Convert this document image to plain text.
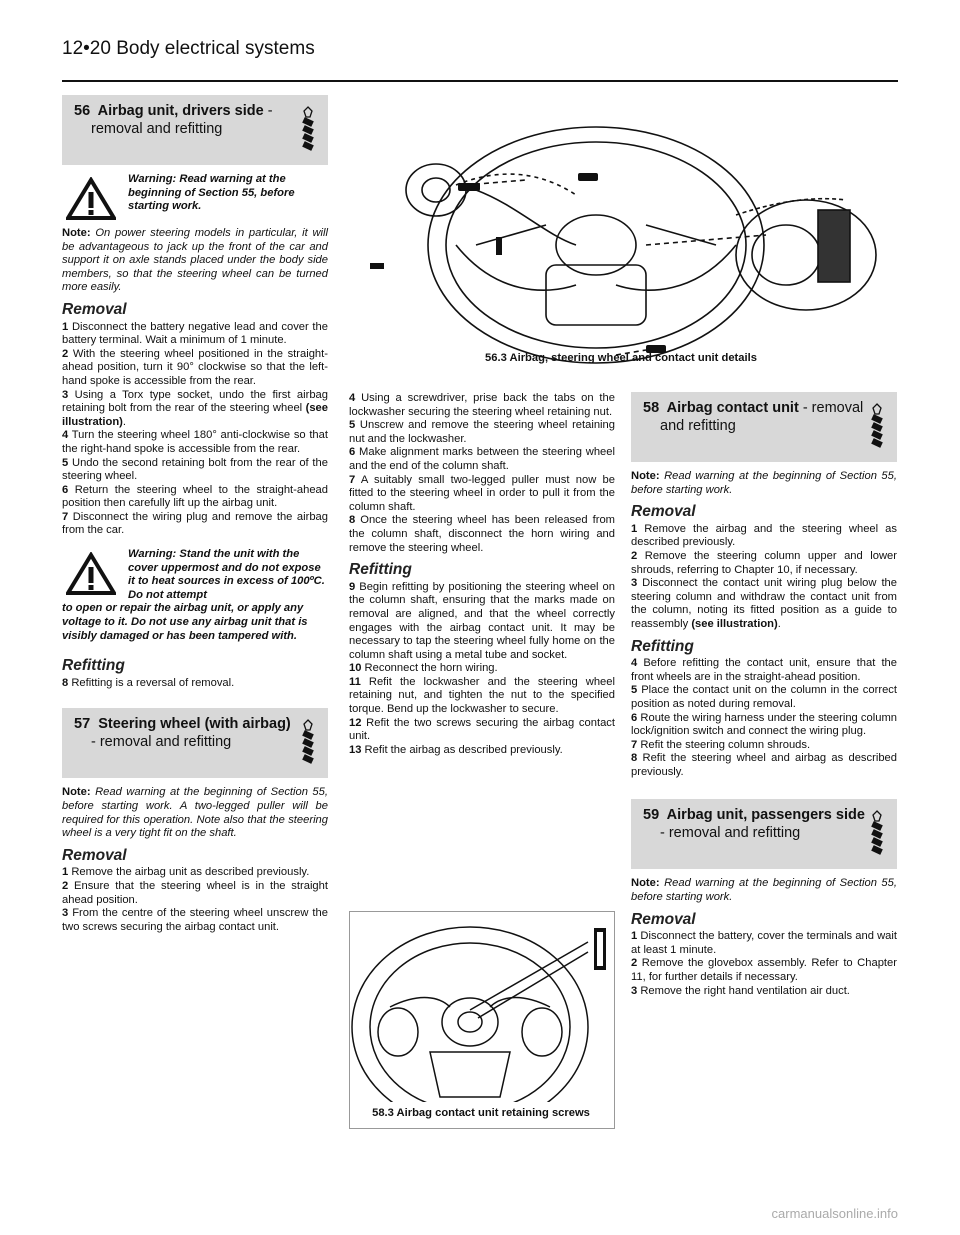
12•20 Body electrical systems
56 Airbag unit, drivers side -
removal and refitting
Warning: Read warning at the beginning of Section 55, before starting work.

Note: On power steering models in particular, it will be advantageous to jack up the front of the car and support it on axle stands placed under the body side members, so that the steering wheel can be turned more easily.

Removal

1 Disconnect the battery negative lead and cover the battery terminal. Wait a minimum of 1 minute.

2 With the steering wheel positioned in the straight-ahead position, turn it 90° clockwise so that the left-hand spoke is accessible from the rear.

3 Using a Torx type socket, undo the first airbag retaining bolt from the rear of the steering wheel (see illustration).

4 Turn the steering wheel 180° anti-clockwise so that the right-hand spoke is accessible from the rear.

5 Undo the second retaining bolt from the rear of the steering wheel.

6 Return the steering wheel to the straight-ahead position then carefully lift up the airbag unit.

7 Disconnect the wiring plug and remove the airbag from the car.

Warning: Stand the unit with the cover uppermost and do not expose it to heat sources in excess of 100ºC. Do not attempt
to open or repair the airbag unit, or apply any voltage to it. Do not use any airbag unit that is visibly damaged or has been tampered with.
Refitting

8 Refitting is a reversal of removal.

57 Steering wheel (with airbag)
- removal and refitting

Note: Read warning at the beginning of Section 55, before starting work. A two-legged puller will be required for this operation. Note also that the steering wheel is a very tight fit on the shaft.

Removal

1 Remove the airbag unit as described previously.

2 Ensure that the steering wheel is in the straight ahead position.

3 From the centre of the steering wheel unscrew the two screws securing the airbag contact unit.

56.3 Airbag, steering wheel and contact unit details

4 Using a screwdriver, prise back the tabs on the lockwasher securing the steering wheel retaining nut.

5 Unscrew and remove the steering wheel retaining nut and the lockwasher.

6 Make alignment marks between the steering wheel and the end of the column shaft.

7 A suitably small two-legged puller must now be fitted to the steering wheel in order to pull it from the column shaft.

8 Once the steering wheel has been released from the column shaft, disconnect the horn wiring and remove the steering wheel.

Refitting

9 Begin refitting by positioning the steering wheel on the column shaft, ensuring that the marks made on removal are aligned, and that the wheel correctly engages with the airbag contact unit. It may be necessary to tap the steering wheel fully home on the column shaft using a metal tube and socket.

10 Reconnect the horn wiring.

11 Refit the lockwasher and the steering wheel retaining nut, and tighten the nut to the specified torque. Bend up the lockwasher to secure.

12 Refit the two screws securing the airbag contact unit.

13 Refit the airbag as described previously.

58.3 Airbag contact unit retaining screws
58 Airbag contact unit - removal
and refitting

Note: Read warning at the beginning of Section 55, before starting work.

Removal

1 Remove the airbag and the steering wheel as described previously.

2 Remove the steering column upper and lower shrouds, referring to Chapter 10, if necessary.

3 Disconnect the contact unit wiring plug below the steering column and withdraw the contact unit from the column, noting its fitted position as a guide to reassembly (see illustration).

Refitting

4 Before refitting the contact unit, ensure that the front wheels are in the straight-ahead position.

5 Place the contact unit on the column in the correct position as noted during removal.

6 Route the wiring harness under the steering column lock/ignition switch and connect the wiring plug.

7 Refit the steering column shrouds.

8 Refit the steering wheel and airbag as described previously.

59 Airbag unit, passengers side
- removal and refitting

Note: Read warning at the beginning of Section 55, before starting work.

Removal

1 Disconnect the battery, cover the terminals and wait at least 1 minute.

2 Remove the glovebox assembly. Refer to Chapter 11, for further details if necessary.

3 Remove the right hand ventilation air duct.

carmanualsonline.info
